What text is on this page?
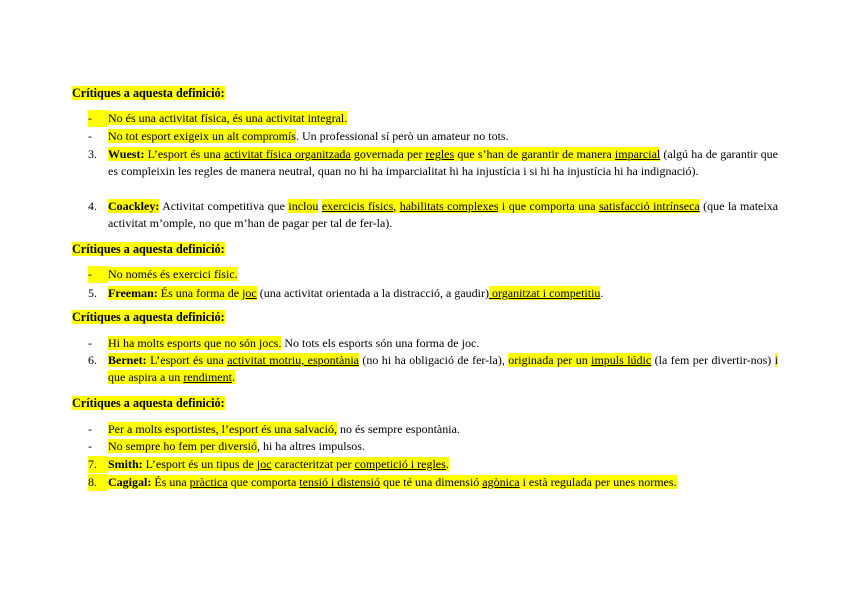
Crítiques a aquesta definició:
-	No és una activitat física, és una activitat integral.
-	No tot esport exigeix un alt compromís. Un professional sí però un amateur no tots.
3. Wuest: L’esport és una activitat física organitzada governada per regles que s’han de garantir de manera imparcial (algú ha de garantir que es compleixin les regles de manera neutral, quan no hi ha imparcialitat hi ha injustícia i si hi ha injustícia hi ha indignació).
4. Coackley: Activitat competitiva que inclou exercicis físics, habilitats complexes i que comporta una satisfacció intrínseca (que la mateixa activitat m’omple, no que m’han de pagar per tal de fer-la).
Crítiques a aquesta definició:
-	No només és exercici físic.
5. Freeman: És una forma de joc (una activitat orientada a la distracció, a gaudir) organitzat i competitiu.
Crítiques a aquesta definició:
-	Hi ha molts esports que no són jocs. No tots els esports són una forma de joc.
6. Bernet: L’esport és una activitat motriu, espontània (no hi ha obligació de fer-la), originada per un impuls lúdic (la fem per divertir-nos) i que aspira a un rendiment.
Crítiques a aquesta definició:
-	Per a molts esportistes, l’esport és una salvació, no és sempre espontània.
-	No sempre ho fem per diversió, hi ha altres impulsos.
7. Smith: L’esport és un tipus de joc caracteritzat per competició i regles.
8. Cagigal: És una pràctica que comporta tensió i distensió que té una dimensió agònica i està regulada per unes normes.
